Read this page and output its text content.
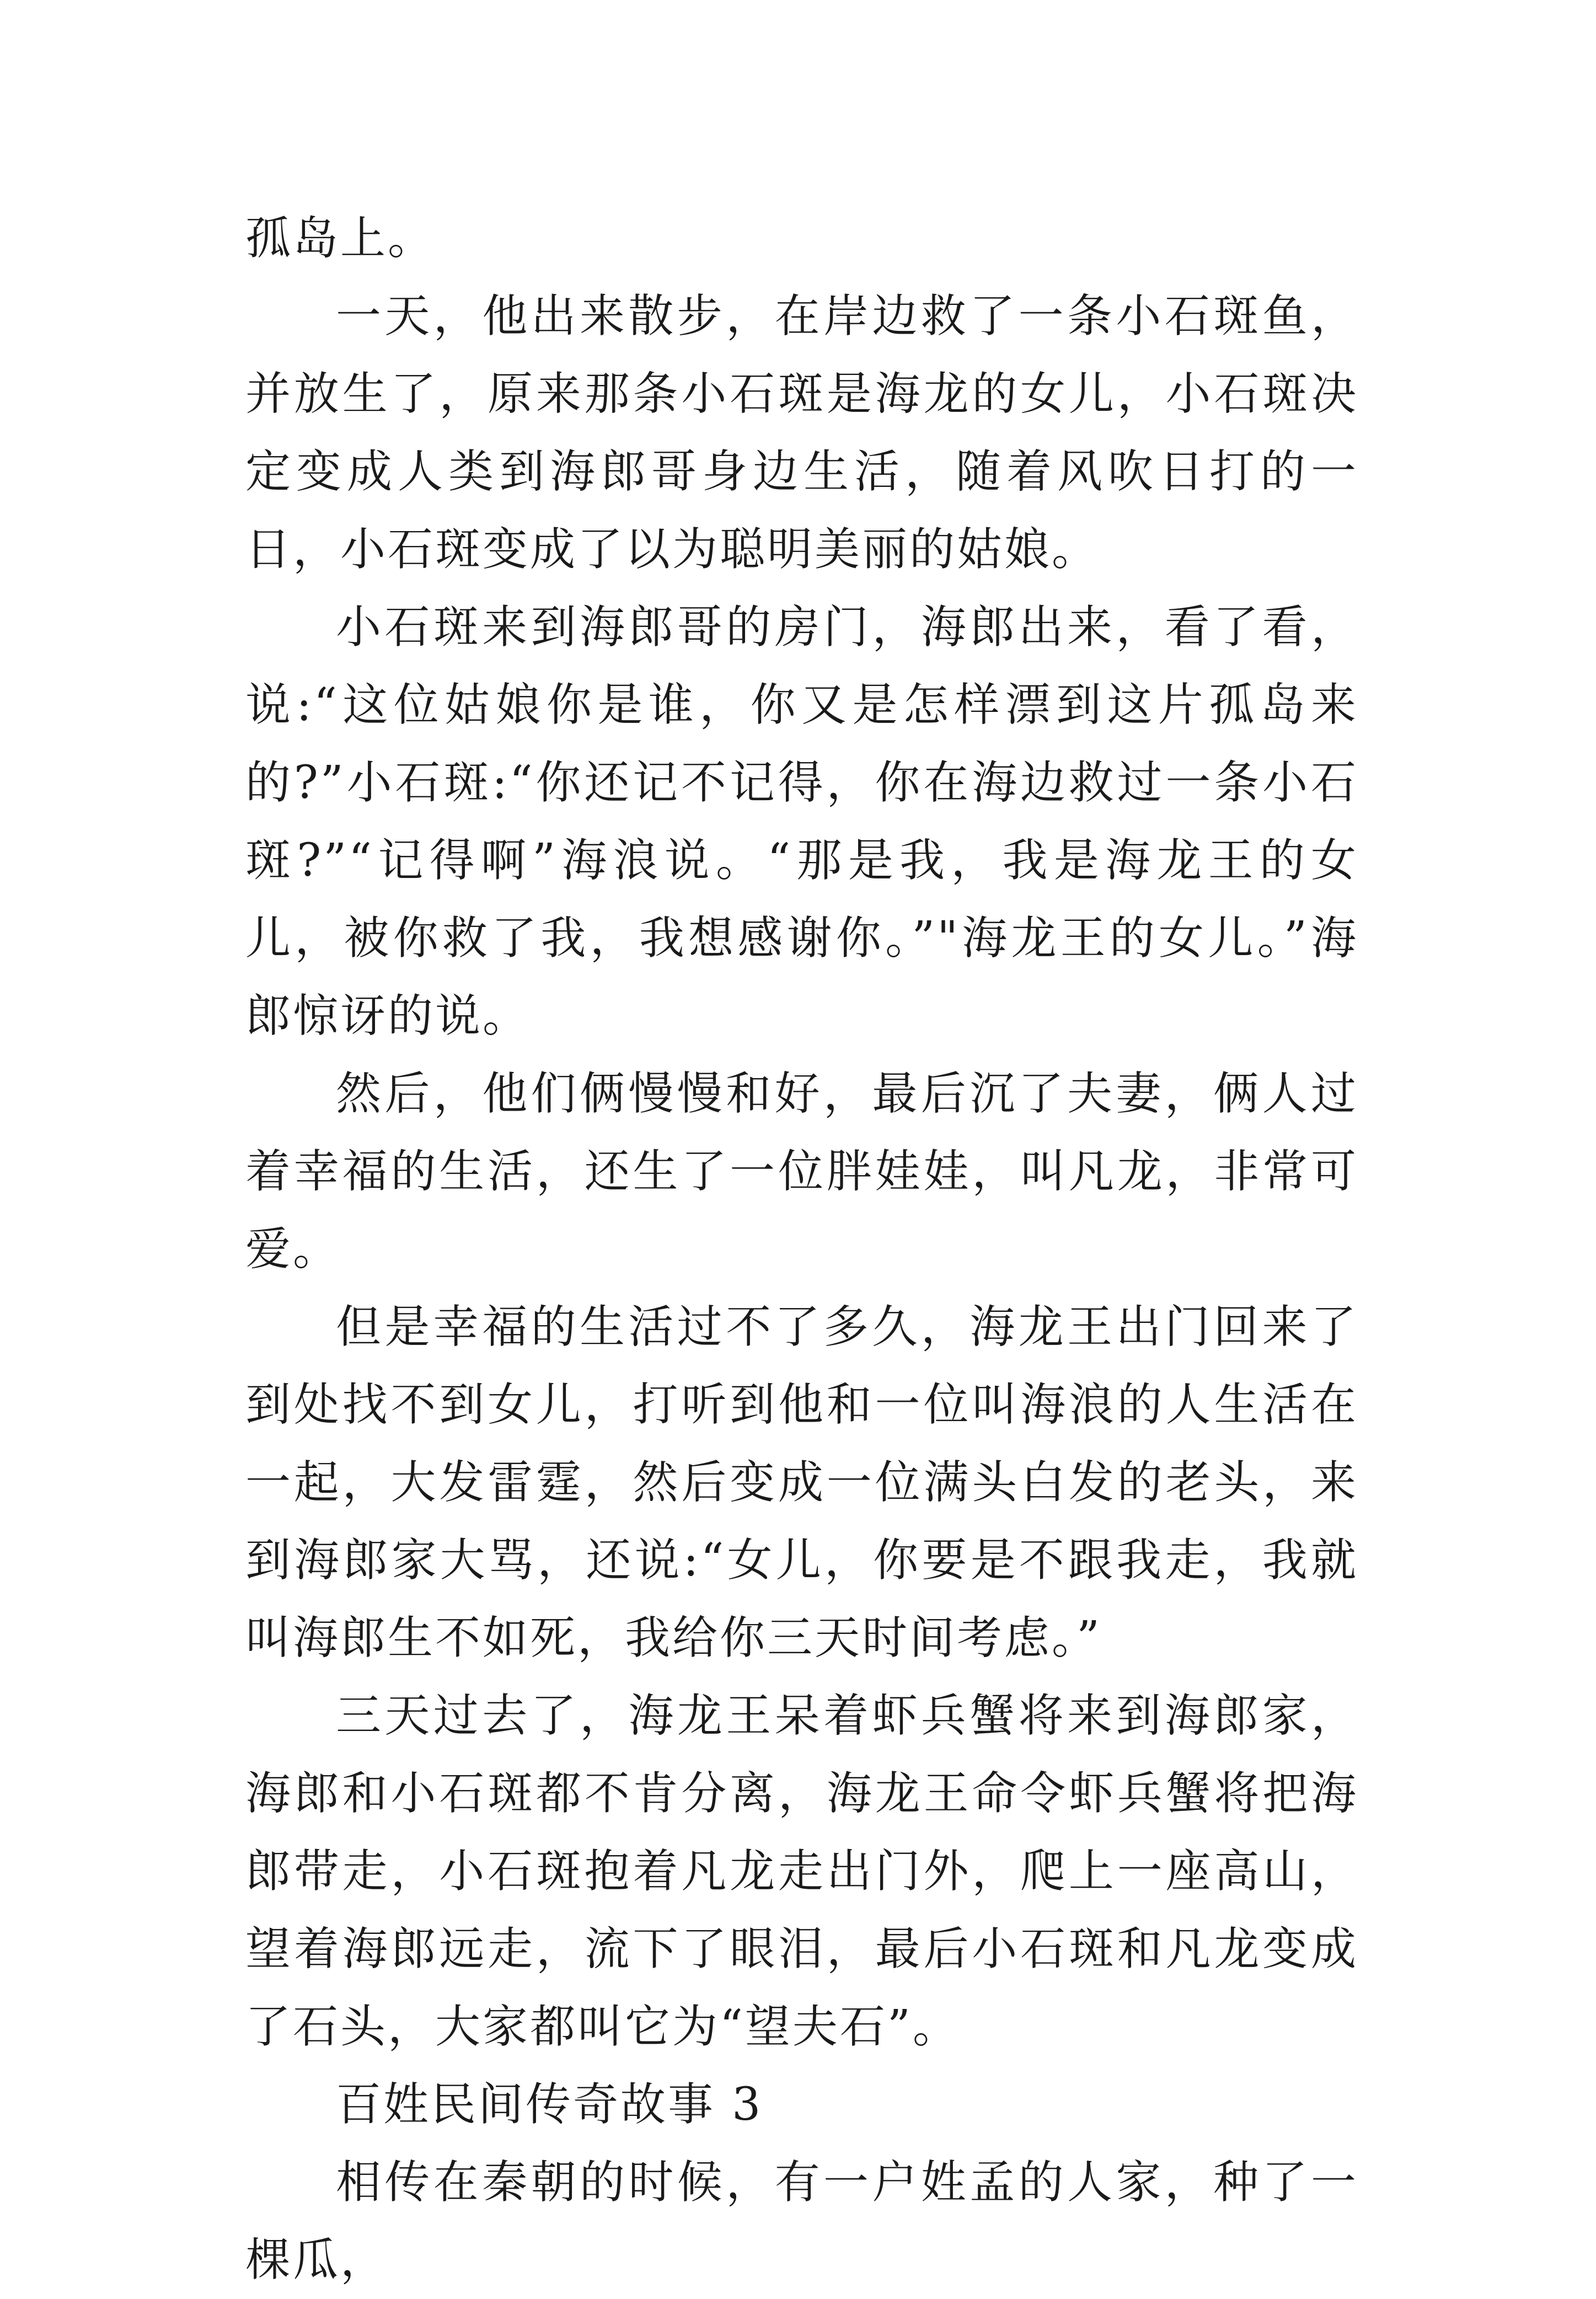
孤岛上。

一天，他出来散步，在岸边救了一条小石斑鱼，并放生了，原来那条小石斑是海龙的女儿，小石斑决定变成人类到海郎哥身边生活，随着风吹日打的一日，小石斑变成了以为聪明美丽的姑娘。

小石斑来到海郎哥的房门，海郎出来，看了看，说:“这位姑娘你是谁，你又是怎样漂到这片孤岛来的?”小石斑:“你还记不记得，你在海边救过一条小石斑?”“记得啊”海浪说。“那是我，我是海龙王的女儿，被你救了我，我想感谢你。”"海龙王的女儿。”海郎惊讶的说。

然后，他们俩慢慢和好，最后沉了夫妻，俩人过着幸福的生活，还生了一位胖娃娃，叫凡龙，非常可爱。

但是幸福的生活过不了多久，海龙王出门回来了到处找不到女儿，打听到他和一位叫海浪的人生活在一起，大发雷霆，然后变成一位满头白发的老头，来到海郎家大骂，还说:“女儿，你要是不跟我走，我就叫海郎生不如死，我给你三天时间考虑。”

三天过去了，海龙王呆着虾兵蟹将来到海郎家，海郎和小石斑都不肯分离，海龙王命令虾兵蟹将把海郎带走，小石斑抱着凡龙走出门外，爬上一座高山，望着海郎远走，流下了眼泪，最后小石斑和凡龙变成了石头，大家都叫它为“望夫石”。

百姓民间传奇故事 3

相传在秦朝的时候，有一户姓孟的人家，种了一棵瓜，
